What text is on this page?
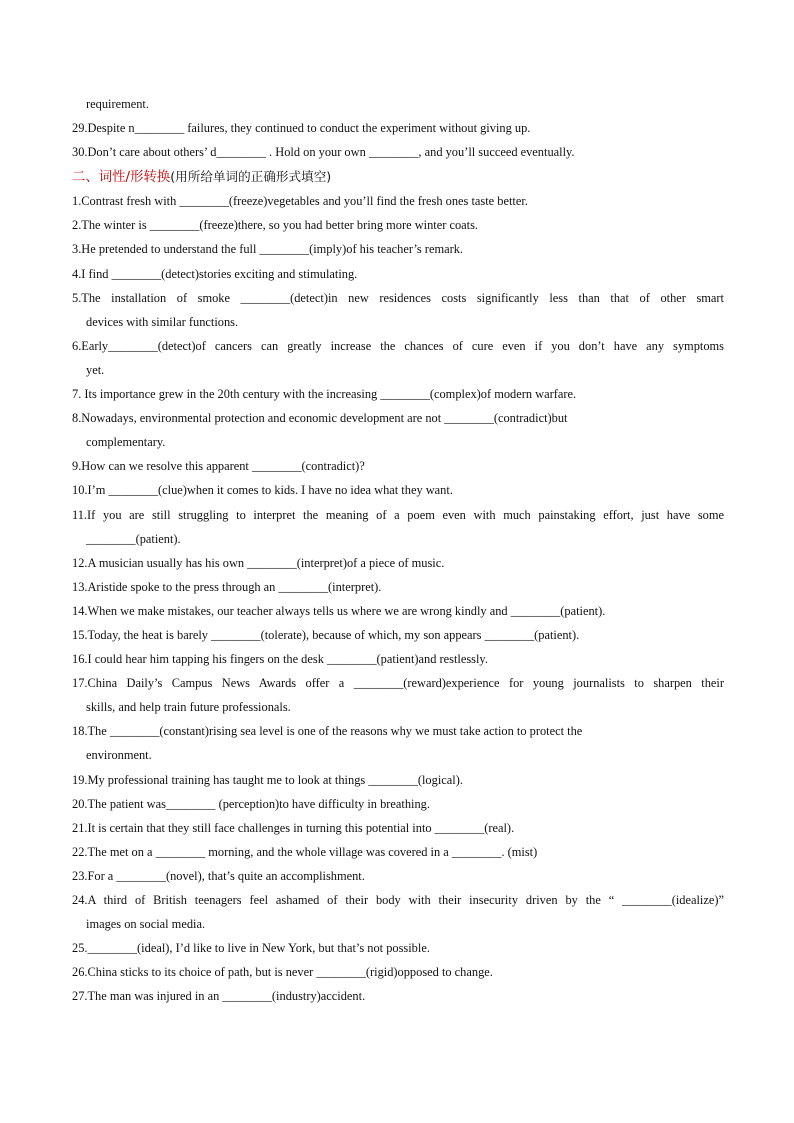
requirement.
29.Despite n________ failures, they continued to conduct the experiment without giving up.
30.Don’t care about others’ d________ . Hold on your own ________, and you’ll succeed eventually.
二、词性/形转换(用所给单词的正确形式填空)
1.Contrast fresh with ________(freeze)vegetables and you’ll find the fresh ones taste better.
2.The winter is ________(freeze)there, so you had better bring more winter coats.
3.He pretended to understand the full ________(imply)of his teacher’s remark.
4.I find ________(detect)stories exciting and stimulating.
5.The installation of smoke ________(detect)in new residences costs significantly less than that of other smart
devices with similar functions.
6.Early________(detect)of cancers can greatly increase the chances of cure even if you don’t have any symptoms
yet.
7. Its importance grew in the 20th century with the increasing ________(complex)of modern warfare.
8.Nowadays, environmental protection and economic development are not ________(contradict)but
complementary.
9.How can we resolve this apparent ________(contradict)?
10.I’m ________(clue)when it comes to kids. I have no idea what they want.
11.If you are still struggling to interpret the meaning of a poem even with much painstaking effort, just have some
________(patient).
12.A musician usually has his own ________(interpret)of a piece of music.
13.Aristide spoke to the press through an ________(interpret).
14.When we make mistakes, our teacher always tells us where we are wrong kindly and ________(patient).
15.Today, the heat is barely ________(tolerate), because of which, my son appears ________(patient).
16.I could hear him tapping his fingers on the desk ________(patient)and restlessly.
17.China Daily’s Campus News Awards offer a ________(reward)experience for young journalists to sharpen their
skills, and help train future professionals.
18.The ________(constant)rising sea level is one of the reasons why we must take action to protect the
environment.
19.My professional training has taught me to look at things ________(logical).
20.The patient was________ (perception)to have difficulty in breathing.
21.It is certain that they still face challenges in turning this potential into ________(real).
22.The met on a ________ morning, and the whole village was covered in a ________. (mist)
23.For a ________(novel), that’s quite an accomplishment.
24.A third of British teenagers feel ashamed of their body with their insecurity driven by the “ ________(idealize)”
images on social media.
25.________(ideal), I’d like to live in New York, but that’s not possible.
26.China sticks to its choice of path, but is never ________(rigid)opposed to change.
27.The man was injured in an ________(industry)accident.
